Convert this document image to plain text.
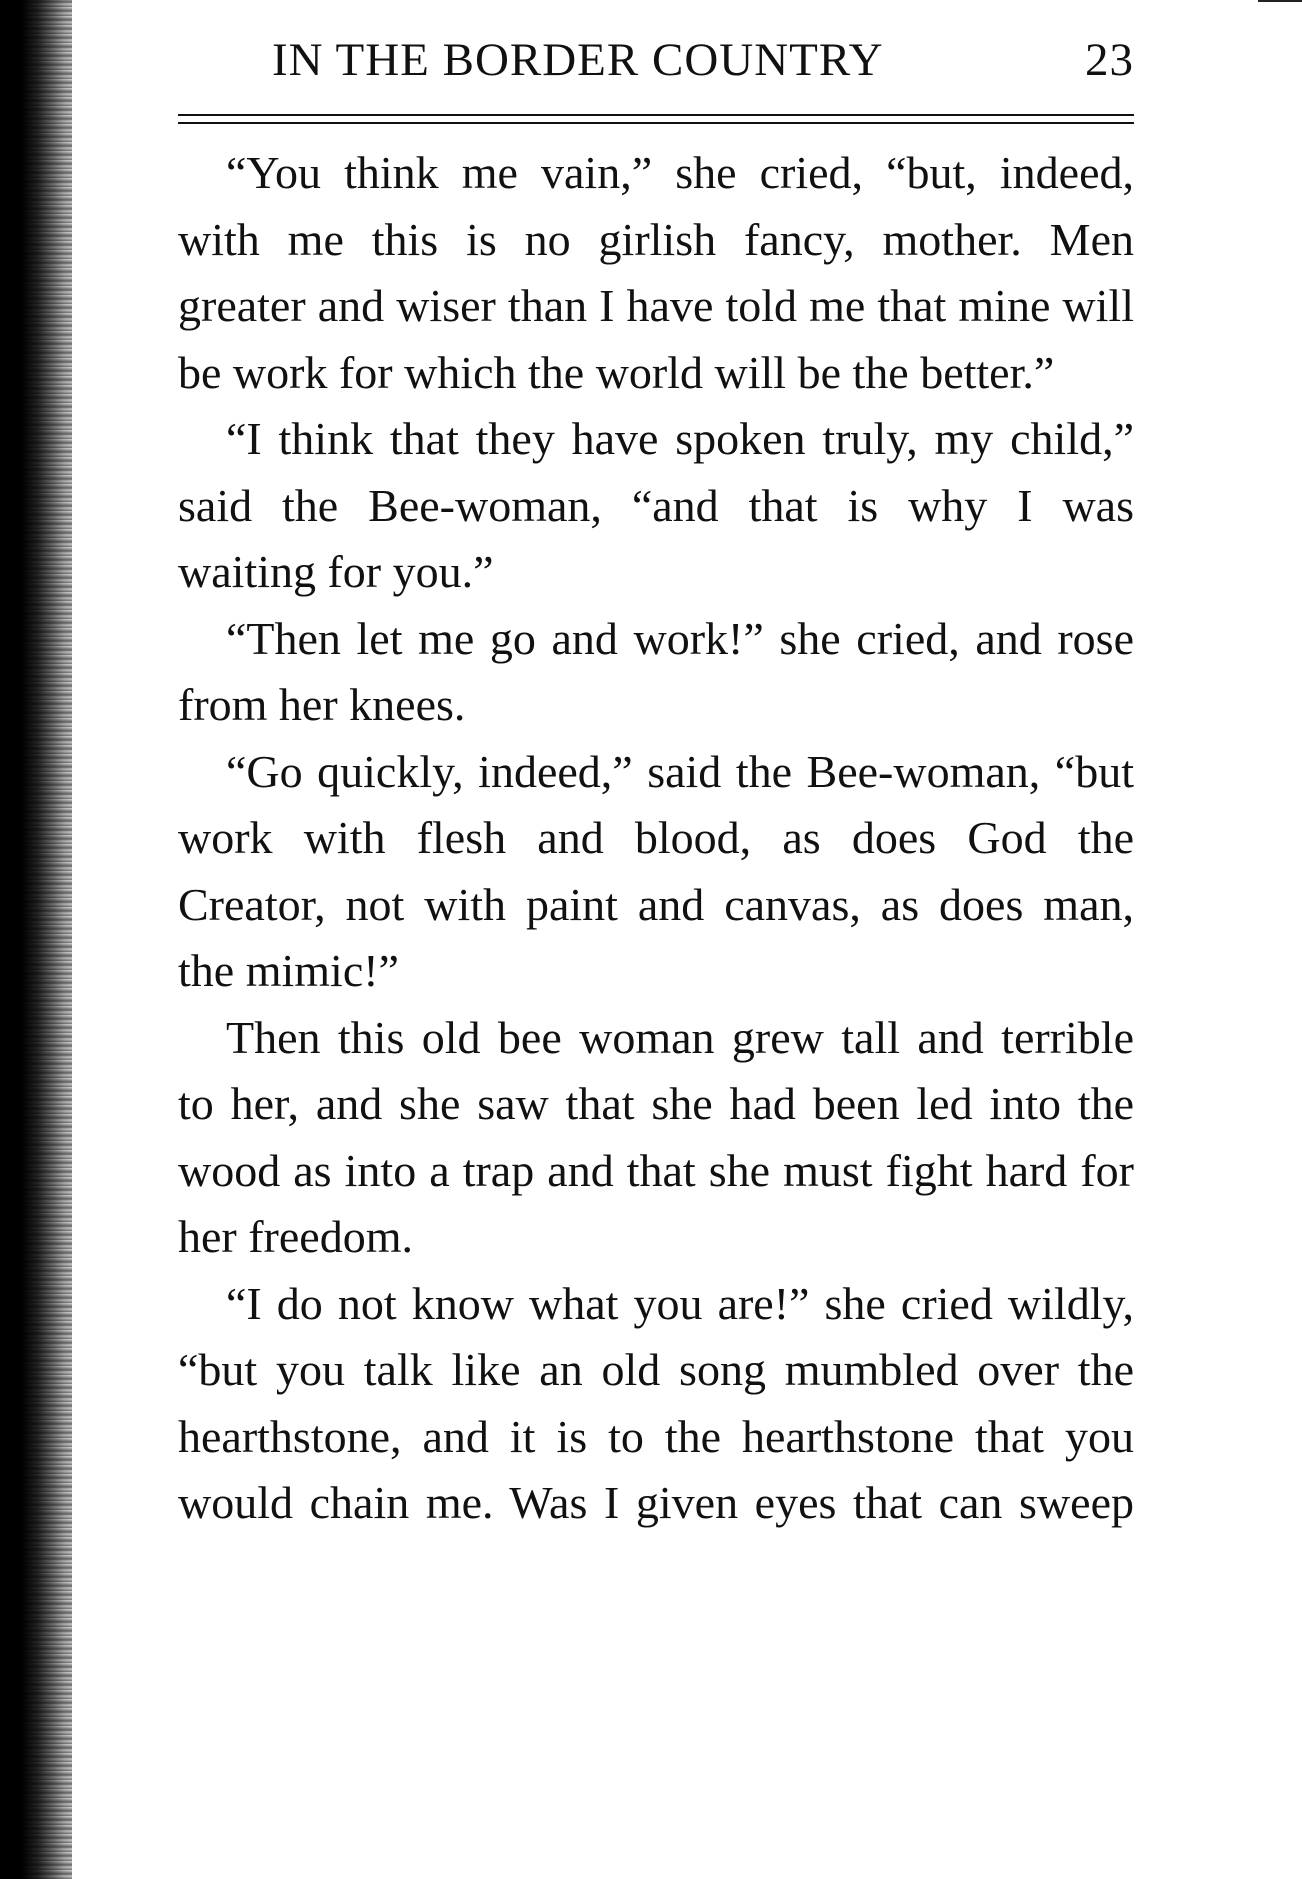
IN THE BORDER COUNTRY	23

“You think me vain,” she cried, “but, indeed, with me this is no girlish fancy, mother. Men greater and wiser than I have told me that mine will be work for which the world will be the better.”

“I think that they have spoken truly, my child,” said the Bee-woman, “and that is why I was waiting for you.”

“Then let me go and work!” she cried, and rose from her knees.

“Go quickly, indeed,” said the Bee-woman, “but work with flesh and blood, as does God the Creator, not with paint and canvas, as does man, the mimic!”

Then this old bee woman grew tall and terrible to her, and she saw that she had been led into the wood as into a trap and that she must fight hard for her freedom.

“I do not know what you are!” she cried wildly, “but you talk like an old song mumbled over the hearthstone, and it is to the hearthstone that you would chain me. Was I given eyes that can sweep
